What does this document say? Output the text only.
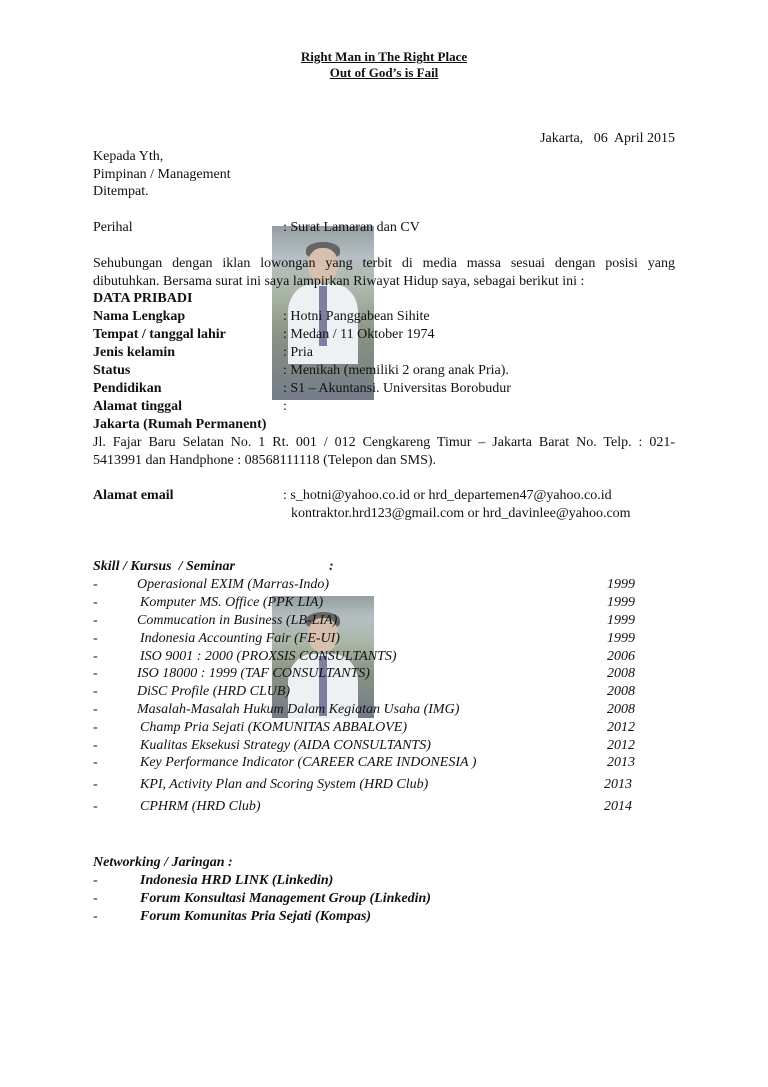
Right Man in The Right Place
Out of God’s is Fail
Jakarta,   06  April 2015
Kepada Yth,
Pimpinan / Management
Ditempat.
Perihal	: Surat Lamaran dan CV
Sehubungan dengan iklan lowongan yang terbit di media massa sesuai dengan posisi yang
dibutuhkan. Bersama surat ini saya lampirkan Riwayat Hidup saya, sebagai berikut ini :
DATA PRIBADI
Nama Lengkap	: Hotni Panggabean Sihite
Tempat / tanggal lahir	: Medan / 11 Oktober 1974
Jenis kelamin	: Pria
Status	: Menikah (memiliki 2 orang anak Pria).
Pendidikan	: S1 – Akuntansi. Universitas Borobudur
Alamat tinggal	:
Jakarta (Rumah Permanent)
Jl. Fajar Baru Selatan No. 1 Rt. 001 / 012 Cengkareng Timur – Jakarta Barat No. Telp. : 021-
5413991 dan Handphone : 08568111118 (Telepon dan SMS).
Alamat email	: s_hotni@yahoo.co.id or hrd_departemen47@yahoo.co.id
kontraktor.hrd123@gmail.com or hrd_davinlee@yahoo.com
Skill / Kursus  / Seminar	:
-	Operasional EXIM (Marras-Indo)	1999
-	Komputer MS. Office (PPK LIA)	1999
-	Commucation in Business (LB-LIA)	1999
-	Indonesia Accounting Fair (FE-UI)	1999
-	ISO 9001 : 2000 (PROXSIS CONSULTANTS)	2006
-	ISO 18000 : 1999 (TAF CONSULTANTS)	2008
-	DiSC Profile (HRD CLUB)	2008
-	Masalah-Masalah Hukum Dalam Kegiatan Usaha (IMG)	2008
-	Champ Pria Sejati (KOMUNITAS ABBALOVE)	2012
-	Kualitas Eksekusi Strategy (AIDA CONSULTANTS)	2012
-	Key Performance Indicator (CAREER CARE INDONESIA )	2013
-	KPI, Activity Plan and Scoring System (HRD Club)	2013
-	CPHRM (HRD Club)	2014
Networking / Jaringan :
-	Indonesia HRD LINK (Linkedin)
-	Forum Konsultasi Management Group (Linkedin)
-	Forum Komunitas Pria Sejati (Kompas)
